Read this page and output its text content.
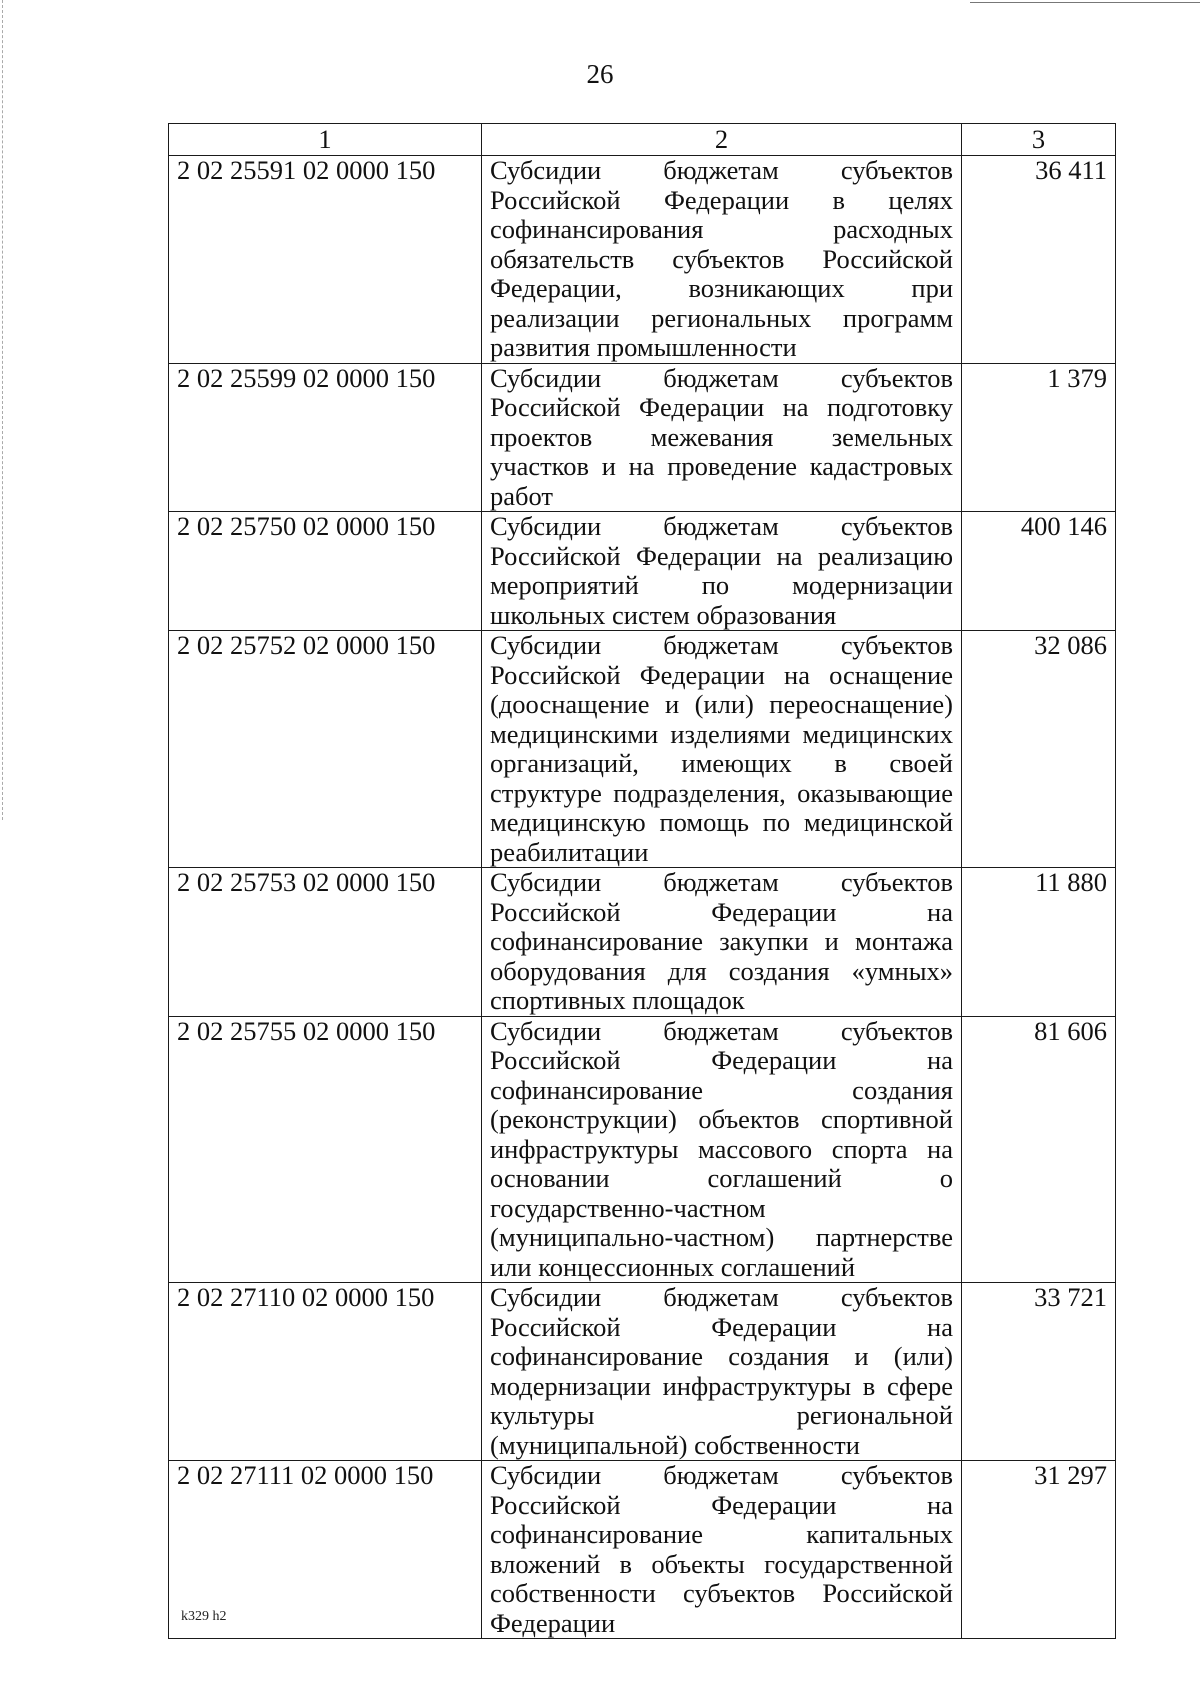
26
1	2	3
2 02 25591 02 0000 150	Субсидии бюджетам субъектов Российской Федерации в целях софинансирования расходных обязательств субъектов Российской Федерации, возникающих при реализации региональных программ развития промышленности	36 411
2 02 25599 02 0000 150	Субсидии бюджетам субъектов Российской Федерации на подготовку проектов межевания земельных участков и на проведение кадастровых работ	1 379
2 02 25750 02 0000 150	Субсидии бюджетам субъектов Российской Федерации на реализацию мероприятий по модернизации школьных систем образования	400 146
2 02 25752 02 0000 150	Субсидии бюджетам субъектов Российской Федерации на оснащение (дооснащение и (или) переоснащение) медицинскими изделиями медицинских организаций, имеющих в своей структуре подразделения, оказывающие медицинскую помощь по медицинской реабилитации	32 086
2 02 25753 02 0000 150	Субсидии бюджетам субъектов Российской Федерации на софинансирование закупки и монтажа оборудования для создания «умных» спортивных площадок	11 880
2 02 25755 02 0000 150	Субсидии бюджетам субъектов Российской Федерации на софинансирование создания (реконструкции) объектов спортивной инфраструктуры массового спорта на основании соглашений о государственно-частном (муниципально-частном) партнерстве или концессионных соглашений	81 606
2 02 27110 02 0000 150	Субсидии бюджетам субъектов Российской Федерации на софинансирование создания и (или) модернизации инфраструктуры в сфере культуры региональной (муниципальной) собственности	33 721
2 02 27111 02 0000 150	Субсидии бюджетам субъектов Российской Федерации на софинансирование капитальных вложений в объекты государственной собственности субъектов Российской Федерации	31 297
k329 h2
